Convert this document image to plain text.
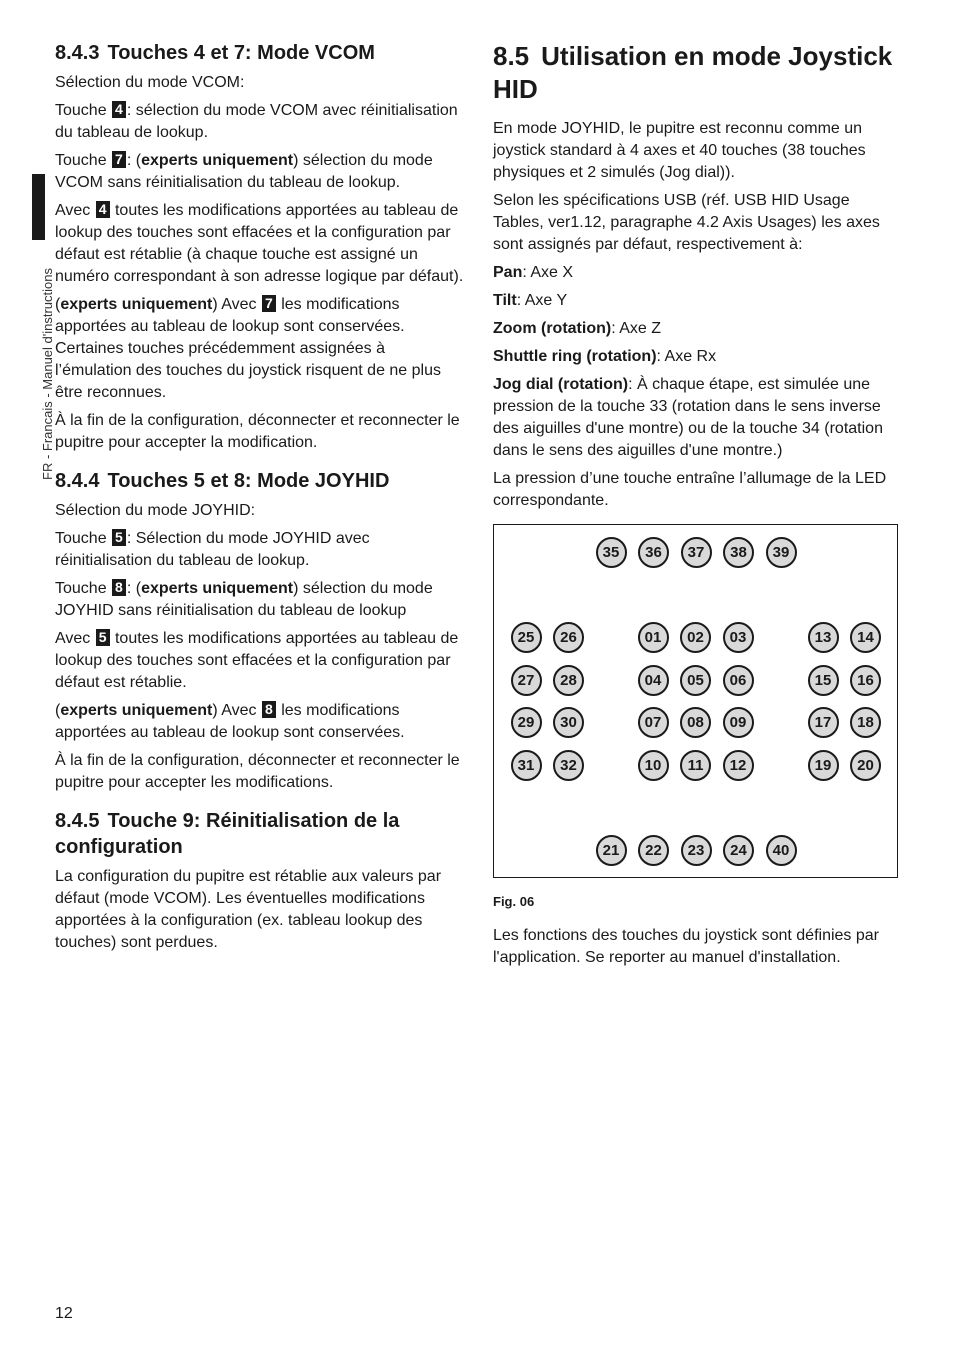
FR - Francais - Manuel d'instructions
8.4.3 Touches 4 et 7: Mode VCOM

Sélection du mode VCOM:

Touche 4 : sélection du mode VCOM avec réinitialisation du tableau de lookup.

Touche 7 : (experts uniquement) sélection du mode VCOM sans réinitialisation du tableau de lookup.

Avec 4 toutes les modifications apportées au tableau de lookup des touches sont effacées et la configuration par défaut est rétablie (à chaque touche est assigné un numéro correspondant à son adresse logique par défaut).

(experts uniquement) Avec 7 les modifications apportées au tableau de lookup sont conservées. Certaines touches précédemment assignées à l’émulation des touches du joystick risquent de ne plus être reconnues.

À la fin de la configuration, déconnecter et reconnecter le pupitre pour accepter la modification.

8.4.4 Touches 5 et 8: Mode JOYHID

Sélection du mode JOYHID:

Touche 5 : Sélection du mode JOYHID avec réinitialisation du tableau de lookup.

Touche 8 : (experts uniquement) sélection du mode JOYHID sans réinitialisation du tableau de lookup

Avec 5 toutes les modifications apportées au tableau de lookup des touches sont effacées et la configuration par défaut est rétablie.

(experts uniquement) Avec 8 les modifications apportées au tableau de lookup sont conservées.

À la fin de la configuration, déconnecter et reconnecter le pupitre pour accepter les modifications.

8.4.5 Touche 9: Réinitialisation de la configuration

La configuration du pupitre est rétablie aux valeurs par défaut (mode VCOM). Les éventuelles modifications apportées à la configuration (ex. tableau lookup des touches) sont perdues.

8.5 Utilisation en mode Joystick HID

En mode JOYHID, le pupitre est reconnu comme un joystick standard à 4 axes et 40 touches (38 touches physiques et 2 simulés (Jog dial)).

Selon les spécifications USB (réf. USB HID Usage Tables, ver1.12, paragraphe 4.2 Axis Usages) les axes sont assignés par défaut, respectivement à:

Pan: Axe X

Tilt: Axe Y

Zoom (rotation): Axe Z

Shuttle ring (rotation): Axe Rx

Jog dial (rotation): À chaque étape, est simulée une pression de la touche 33 (rotation dans le sens inverse des aiguilles d'une montre) ou de la touche 34 (rotation dans le sens des aiguilles d'une montre.)

La pression d’une touche entraîne l’allumage de la LED correspondante.

35	36	37	38	39
25	26
27	28
29	30
31	32
01	02	03
04	05	06
07	08	09
10	11	12
13	14
15	16
17	18
19	20
21	22	23	24	40
Fig. 06

Les fonctions des touches du joystick sont définies par l'application. Se reporter au manuel d'installation.

12
